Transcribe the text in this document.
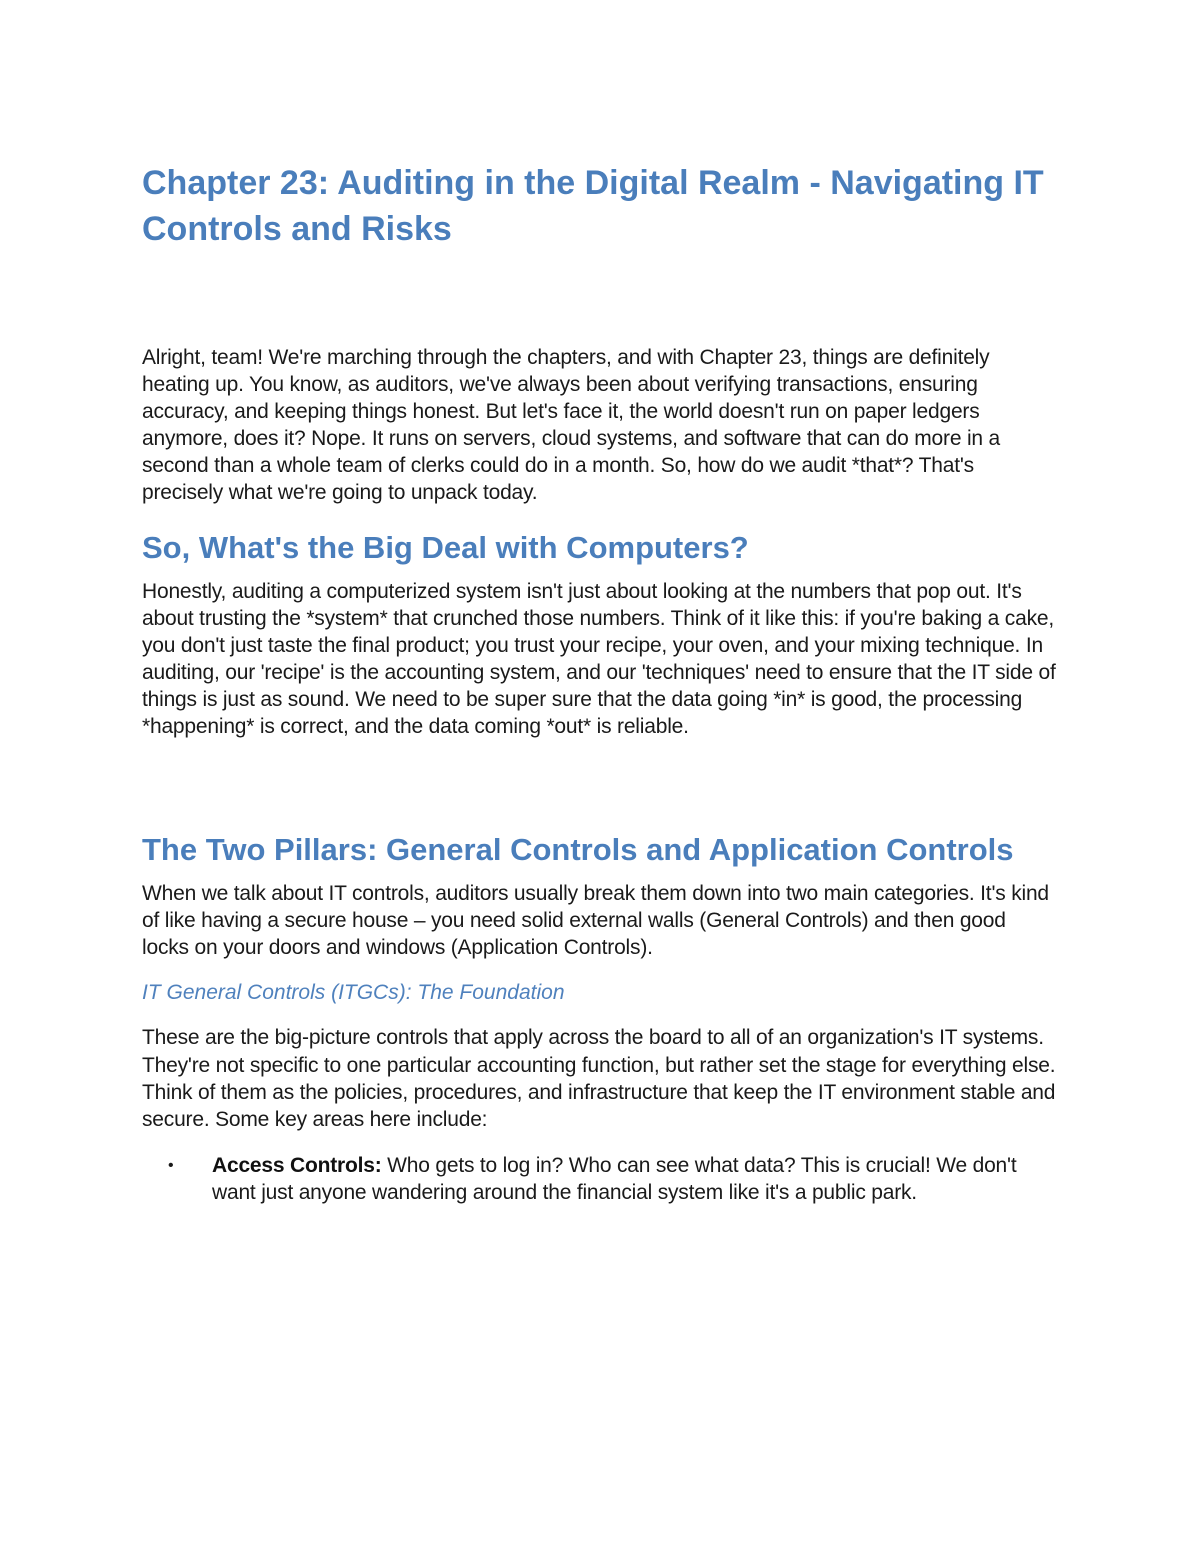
Chapter 23: Auditing in the Digital Realm - Navigating IT Controls and Risks

Alright, team! We're marching through the chapters, and with Chapter 23, things are definitely heating up. You know, as auditors, we've always been about verifying transactions, ensuring accuracy, and keeping things honest. But let's face it, the world doesn't run on paper ledgers anymore, does it? Nope. It runs on servers, cloud systems, and software that can do more in a second than a whole team of clerks could do in a month. So, how do we audit *that*? That's precisely what we're going to unpack today.

So, What's the Big Deal with Computers?

Honestly, auditing a computerized system isn't just about looking at the numbers that pop out. It's about trusting the *system* that crunched those numbers. Think of it like this: if you're baking a cake, you don't just taste the final product; you trust your recipe, your oven, and your mixing technique. In auditing, our 'recipe' is the accounting system, and our 'techniques' need to ensure that the IT side of things is just as sound. We need to be super sure that the data going *in* is good, the processing *happening* is correct, and the data coming *out* is reliable.

The Two Pillars: General Controls and Application Controls

When we talk about IT controls, auditors usually break them down into two main categories. It's kind of like having a secure house – you need solid external walls (General Controls) and then good locks on your doors and windows (Application Controls).

IT General Controls (ITGCs): The Foundation

These are the big-picture controls that apply across the board to all of an organization's IT systems. They're not specific to one particular accounting function, but rather set the stage for everything else. Think of them as the policies, procedures, and infrastructure that keep the IT environment stable and secure. Some key areas here include:

• Access Controls: Who gets to log in? Who can see what data? This is crucial! We don't want just anyone wandering around the financial system like it's a public park.
